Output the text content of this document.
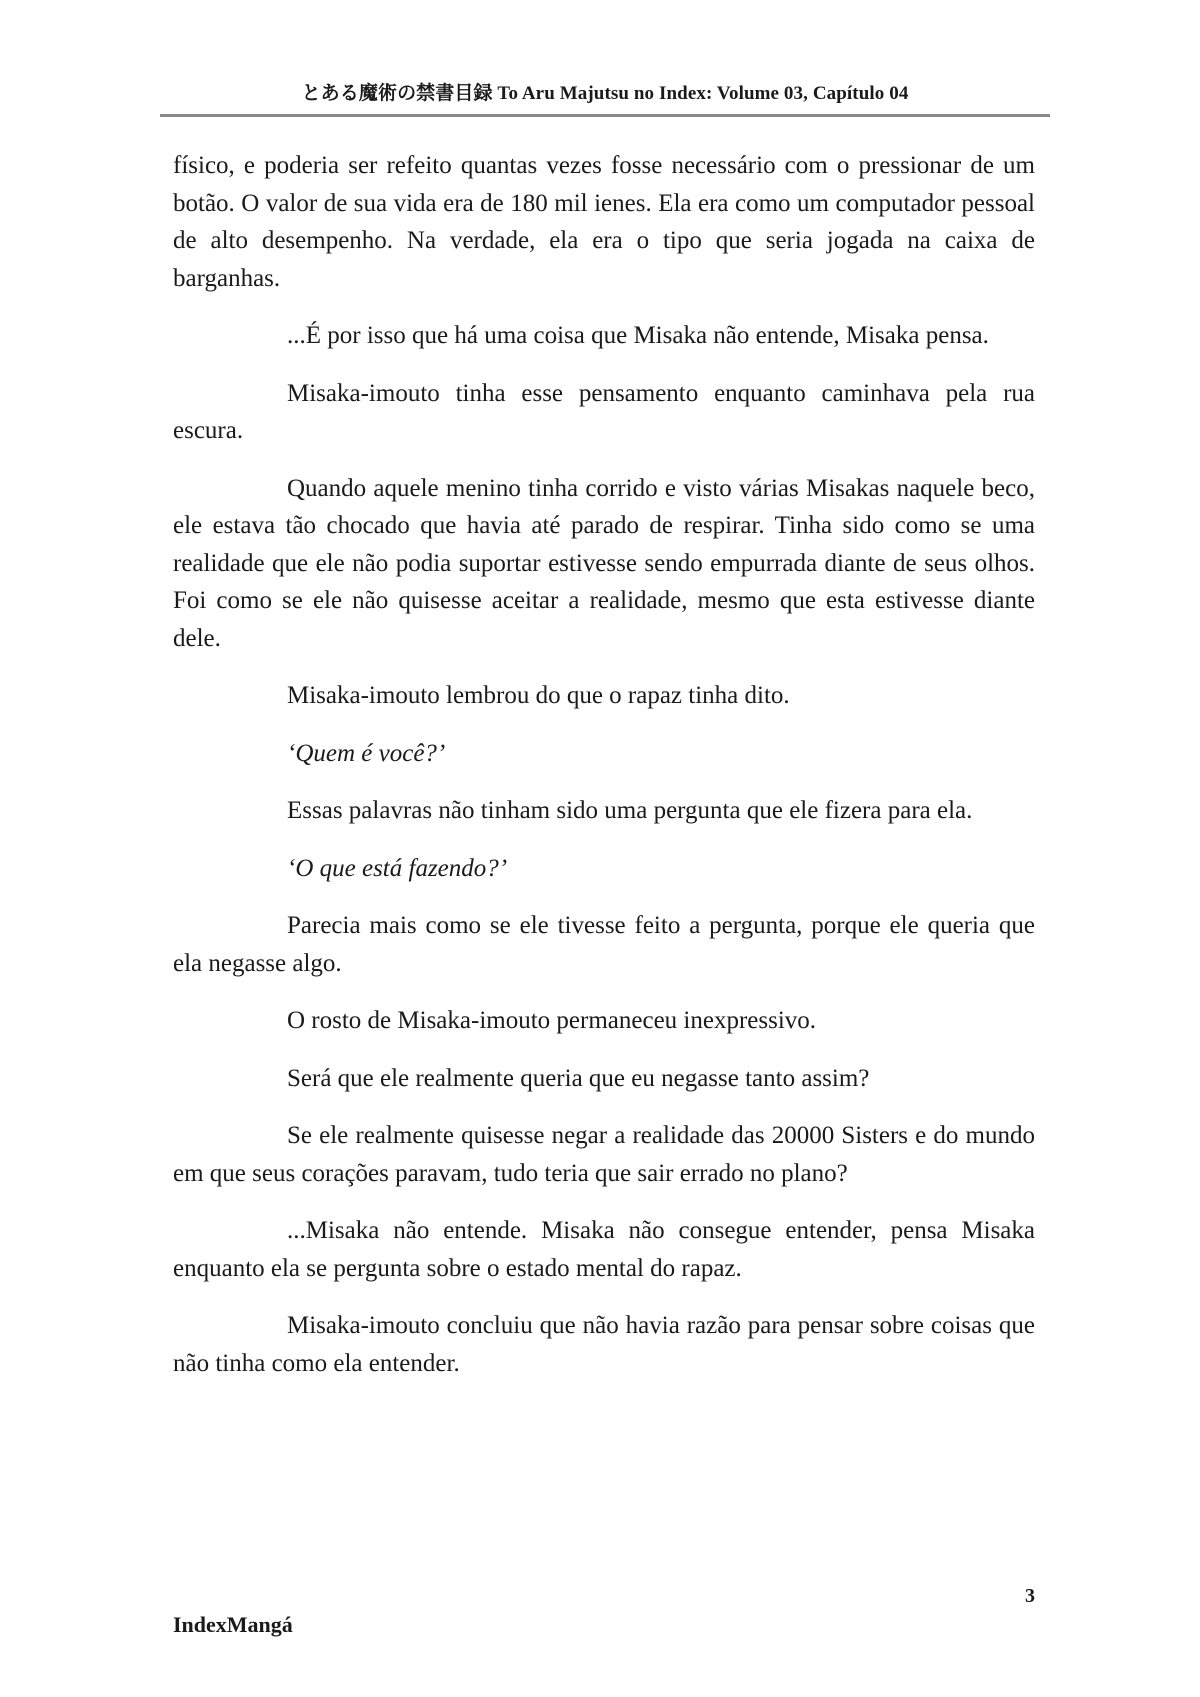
とある魔術の禁書目録 To Aru Majutsu no Index: Volume 03, Capítulo 04

físico, e poderia ser refeito quantas vezes fosse necessário com o pressionar de um botão. O valor de sua vida era de 180 mil ienes. Ela era como um computador pessoal de alto desempenho. Na verdade, ela era o tipo que seria jogada na caixa de barganhas.

...É por isso que há uma coisa que Misaka não entende, Misaka pensa.

Misaka-imouto tinha esse pensamento enquanto caminhava pela rua escura.

Quando aquele menino tinha corrido e visto várias Misakas naquele beco, ele estava tão chocado que havia até parado de respirar. Tinha sido como se uma realidade que ele não podia suportar estivesse sendo empurrada diante de seus olhos. Foi como se ele não quisesse aceitar a realidade, mesmo que esta estivesse diante dele.

Misaka-imouto lembrou do que o rapaz tinha dito.

‘Quem é você?’

Essas palavras não tinham sido uma pergunta que ele fizera para ela.

‘O que está fazendo?’

Parecia mais como se ele tivesse feito a pergunta, porque ele queria que ela negasse algo.

O rosto de Misaka-imouto permaneceu inexpressivo.

Será que ele realmente queria que eu negasse tanto assim?

Se ele realmente quisesse negar a realidade das 20000 Sisters e do mundo em que seus corações paravam, tudo teria que sair errado no plano?

...Misaka não entende. Misaka não consegue entender, pensa Misaka enquanto ela se pergunta sobre o estado mental do rapaz.

Misaka-imouto concluiu que não havia razão para pensar sobre coisas que não tinha como ela entender.

3
IndexMangá
